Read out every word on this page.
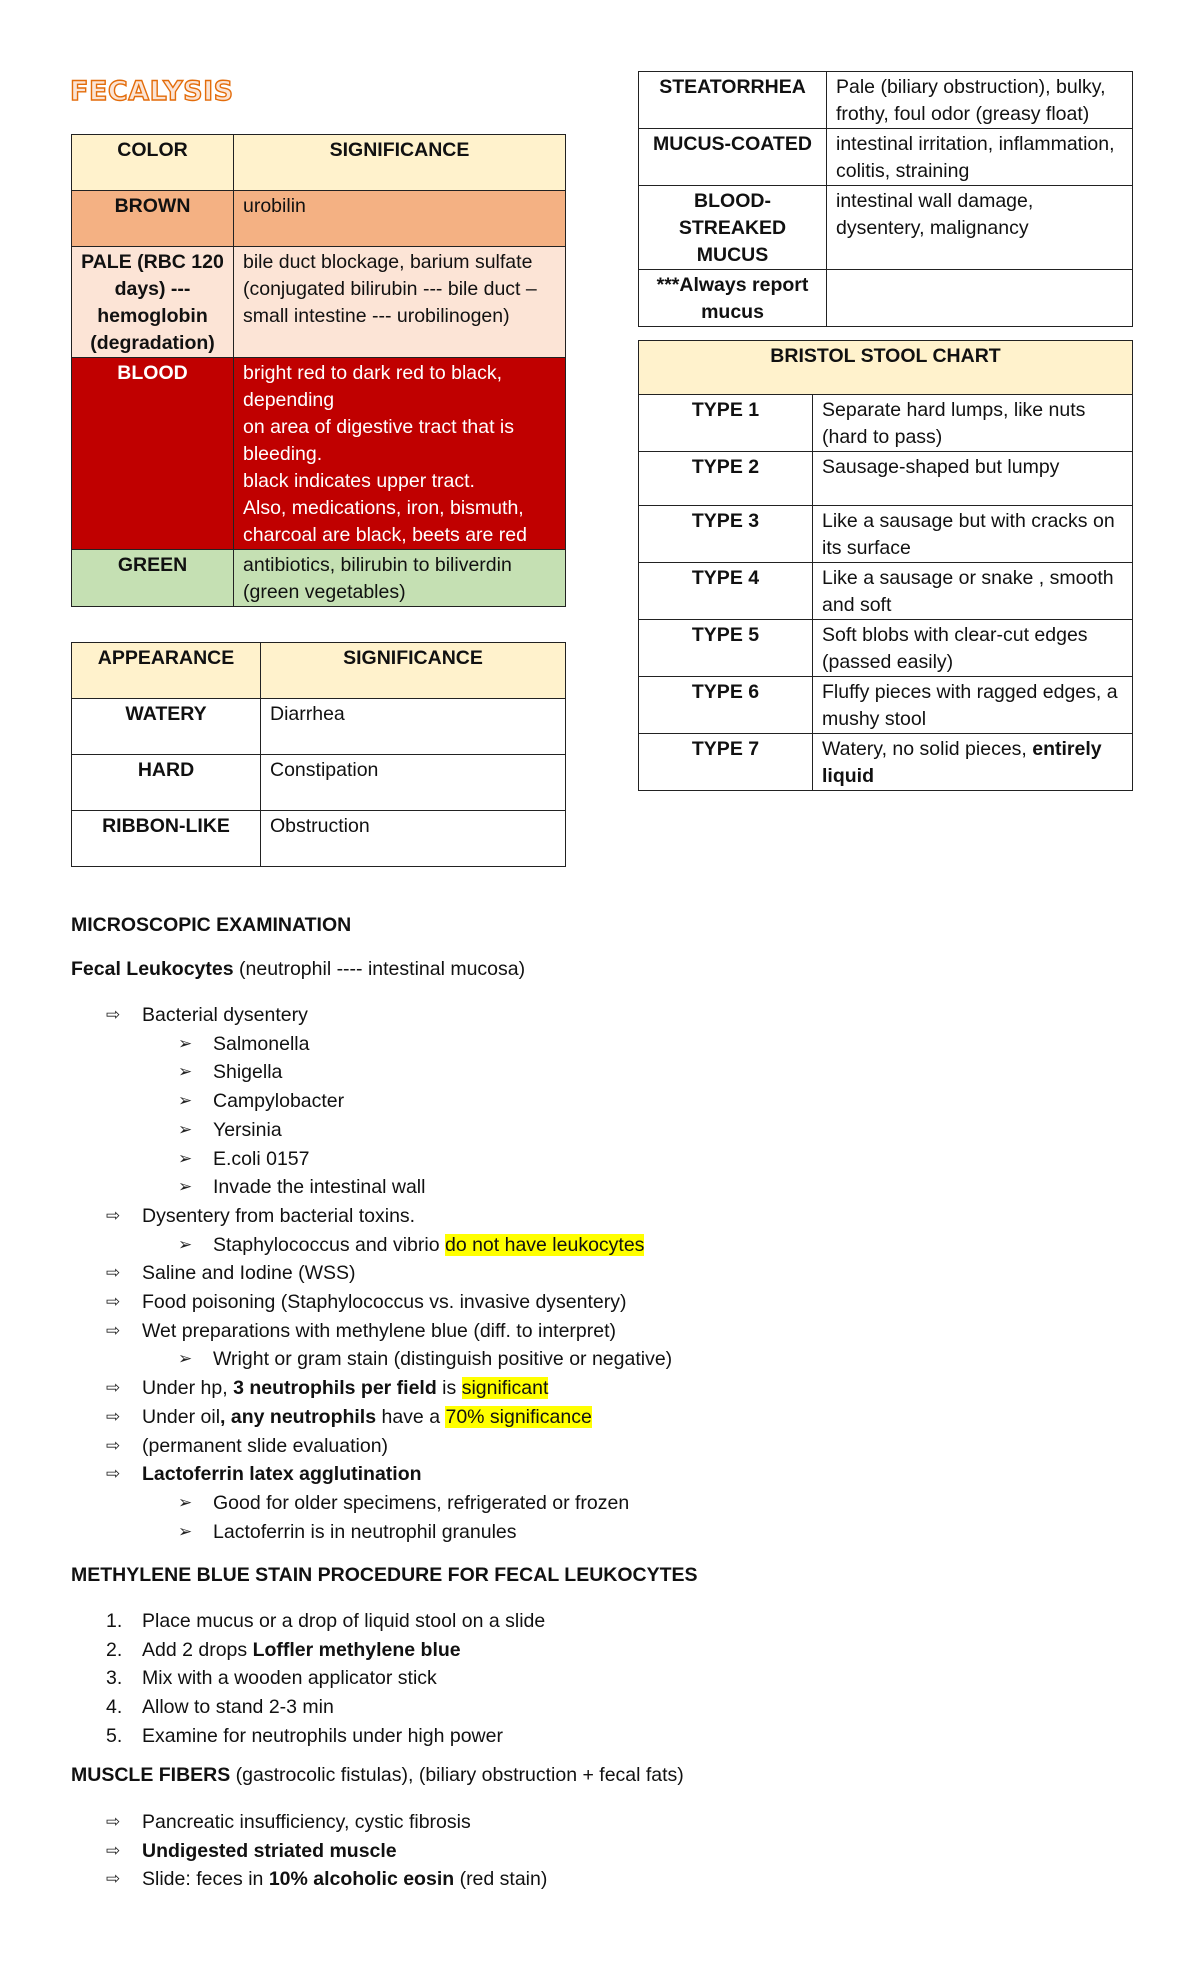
FECALYSIS
COLOR	SIGNIFICANCE
BROWN	urobilin
PALE (RBC 120 days) --- hemoglobin (degradation)	bile duct blockage, barium sulfate (conjugated bilirubin --- bile duct – small intestine --- urobilinogen)
BLOOD	bright red to dark red to black, depending
on area of digestive tract that is bleeding.
black indicates upper tract.
Also, medications, iron, bismuth, charcoal are black, beets are red

GREEN	antibiotics, bilirubin to biliverdin (green vegetables)
APPEARANCE	SIGNIFICANCE
WATERY	Diarrhea
HARD	Constipation
RIBBON-LIKE	Obstruction
STEATORRHEA	Pale (biliary obstruction), bulky, frothy, foul odor (greasy float)
MUCUS-COATED	intestinal irritation, inflammation, colitis, straining
BLOOD-STREAKED MUCUS	intestinal wall damage, dysentery, malignancy
***Always report mucus	
BRISTOL STOOL CHART	
TYPE 1	Separate hard lumps, like nuts (hard to pass)
TYPE 2	Sausage-shaped but lumpy
TYPE 3	Like a sausage but with cracks on its surface
TYPE 4	Like a sausage or snake , smooth and soft
TYPE 5	Soft blobs with clear-cut edges (passed easily)
TYPE 6	Fluffy pieces with ragged edges, a mushy stool
TYPE 7	Watery, no solid pieces, entirely liquid
MICROSCOPIC EXAMINATION
Fecal Leukocytes (neutrophil ---- intestinal mucosa)
⇨ Bacterial dysentery
➢ Salmonella
➢ Shigella
➢ Campylobacter
➢ Yersinia
➢ E.coli 0157
➢ Invade the intestinal wall
⇨ Dysentery from bacterial toxins.
➢ Staphylococcus and vibrio do not have leukocytes
⇨ Saline and Iodine (WSS)
⇨ Food poisoning (Staphylococcus vs. invasive dysentery)
⇨ Wet preparations with methylene blue (diff. to interpret)
➢ Wright or gram stain (distinguish positive or negative)
⇨ Under hp, 3 neutrophils per field is significant
⇨ Under oil, any neutrophils have a 70% significance
⇨ (permanent slide evaluation)
⇨ Lactoferrin latex agglutination
➢ Good for older specimens, refrigerated or frozen
➢ Lactoferrin is in neutrophil granules
METHYLENE BLUE STAIN PROCEDURE FOR FECAL LEUKOCYTES
1. Place mucus or a drop of liquid stool on a slide
2. Add 2 drops Loffler methylene blue
3. Mix with a wooden applicator stick
4. Allow to stand 2-3 min
5. Examine for neutrophils under high power
MUSCLE FIBERS (gastrocolic fistulas), (biliary obstruction + fecal fats)
⇨ Pancreatic insufficiency, cystic fibrosis
⇨ Undigested striated muscle
⇨ Slide: feces in 10% alcoholic eosin (red stain)
